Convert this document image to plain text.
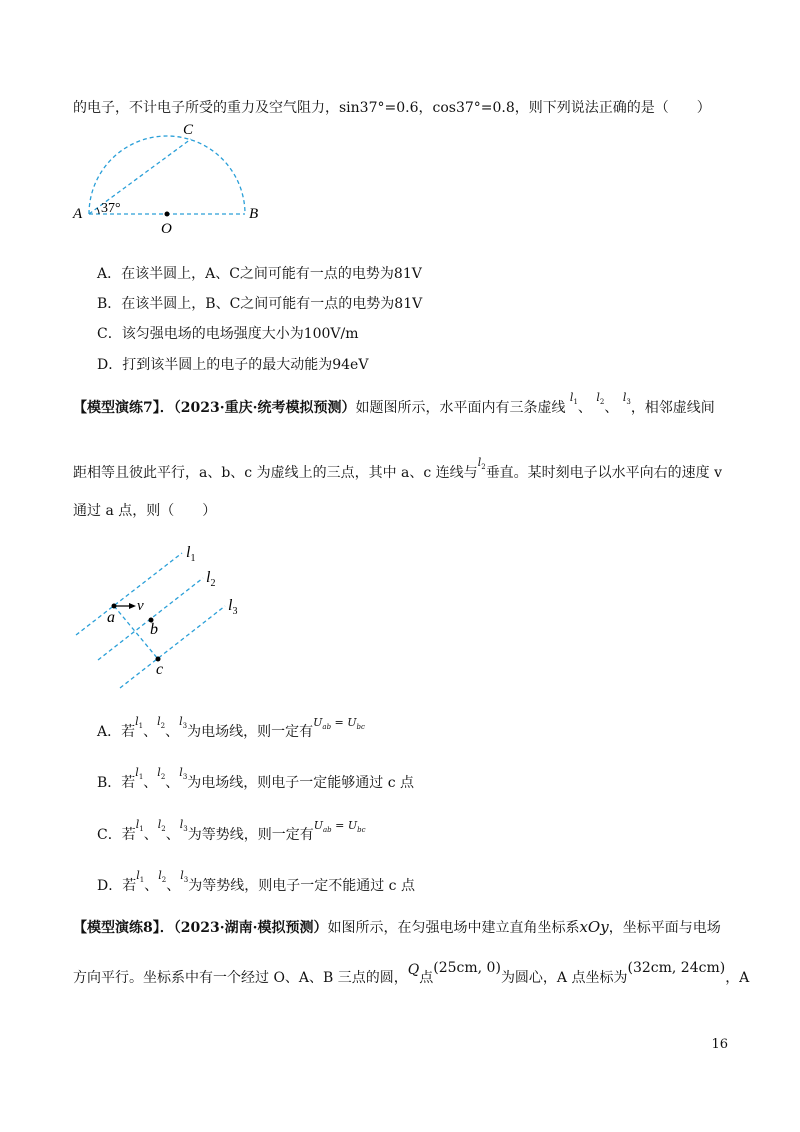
的电子，不计电子所受的重力及空气阻力，sin37°=0.6，cos37°=0.8，则下列说法正确的是（　　）
A	B
C
O
37°
A．在该半圆上，A、C之间可能有一点的电势为81V
B．在该半圆上，B、C之间可能有一点的电势为81V
C．该匀强电场的电场强度大小为100V/m
D．打到该半圆上的电子的最大动能为94eV
【模型演练7】．（2023·重庆·统考模拟预测）如题图所示，水平面内有三条虚线 $l_1$、 $l_2$、 $l_3$，相邻虚线间
距相等且彼此平行，a、b、c 为虚线上的三点，其中 a、c 连线与$l_2$垂直。某时刻电子以水平向右的速度 v
通过 a 点，则（　　）
$l_1$
$l_2$
$l_3$
v
a
b
c
A．若$l_1$、$l_2$、$l_3$为电场线，则一定有$^{U_{ab} = U_{bc}}$
B．若$l_1$、$l_2$、$l_3$为电场线，则电子一定能够通过 c 点
C．若$l_1$、$l_2$、$l_3$为等势线，则一定有$^{U_{ab} = U_{bc}}$
D．若$l_1$、$l_2$、$l_3$为等势线，则电子一定不能通过 c 点
【模型演练8】．（2023·湖南·模拟预测）如图所示，在匀强电场中建立直角坐标系xOy，坐标平面与电场
方向平行。坐标系中有一个经过 O、A、B 三点的圆，Q点(25cm, 0)为圆心，A 点坐标为(32cm, 24cm)，A
16
